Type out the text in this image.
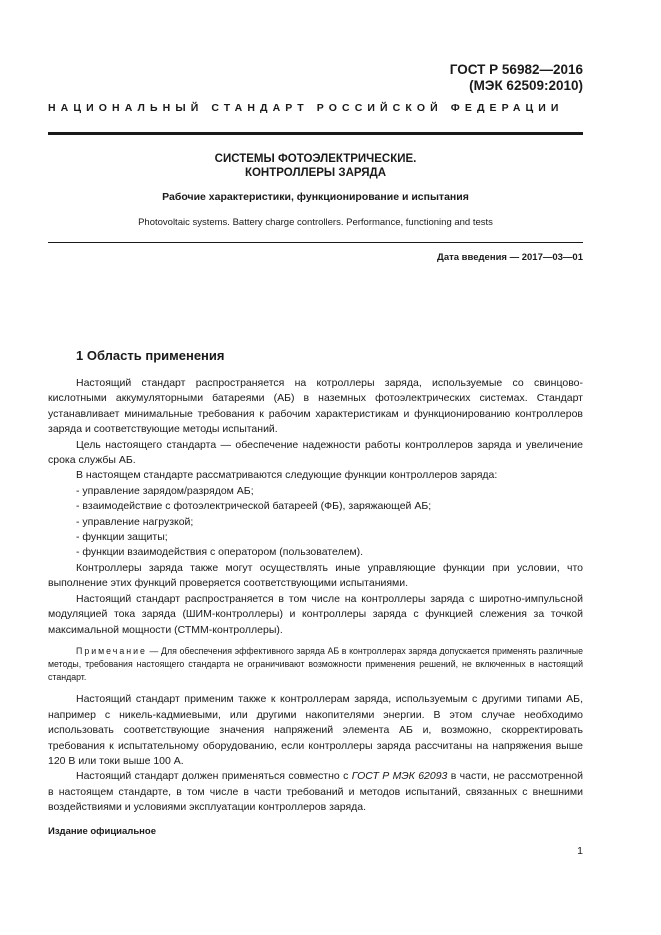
ГОСТ Р 56982—2016
(МЭК 62509:2010)
НАЦИОНАЛЬНЫЙ СТАНДАРТ РОССИЙСКОЙ ФЕДЕРАЦИИ
СИСТЕМЫ ФОТОЭЛЕКТРИЧЕСКИЕ.
КОНТРОЛЛЕРЫ ЗАРЯДА
Рабочие характеристики, функционирование и испытания
Photovoltaic systems. Battery charge controllers. Performance, functioning and tests
Дата введения — 2017—03—01
1 Область применения

Настоящий стандарт распространяется на котроллеры заряда, используемые со свинцово-кислотными аккумуляторными батареями (АБ) в наземных фотоэлектрических системах. Стандарт устанавливает минимальные требования к рабочим характеристикам и функционированию контроллеров заряда и соответствующие методы испытаний.

Цель настоящего стандарта — обеспечение надежности работы контроллеров заряда и увеличение срока службы АБ.

В настоящем стандарте рассматриваются следующие функции контроллеров заряда:

- управление зарядом/разрядом АБ;

- взаимодействие с фотоэлектрической батареей (ФБ), заряжающей АБ;

- управление нагрузкой;

- функции защиты;

- функции взаимодействия с оператором (пользователем).

Контроллеры заряда также могут осуществлять иные управляющие функции при условии, что выполнение этих функций проверяется соответствующими испытаниями.

Настоящий стандарт распространяется в том числе на контроллеры заряда с широтно-импульсной модуляцией тока заряда (ШИМ-контроллеры) и контроллеры заряда с функцией слежения за точкой максимальной мощности (СТММ-контроллеры).

Примечание — Для обеспечения эффективного заряда АБ в контроллерах заряда допускается применять различные методы, требования настоящего стандарта не ограничивают возможности применения решений, не включенных в настоящий стандарт.

Настоящий стандарт применим также к контроллерам заряда, используемым с другими типами АБ, например с никель-кадмиевыми, или другими накопителями энергии. В этом случае необходимо использовать соответствующие значения напряжений элемента АБ и, возможно, скорректировать требования к испытательному оборудованию, если контроллеры заряда рассчитаны на напряжения выше 120 В или токи выше 100 А.

Настоящий стандарт должен применяться совместно с ГОСТ Р МЭК 62093 в части, не рассмотренной в настоящем стандарте, в том числе в части требований и методов испытаний, связанных с внешними воздействиями и условиями эксплуатации контроллеров заряда.

Издание официальное
1
